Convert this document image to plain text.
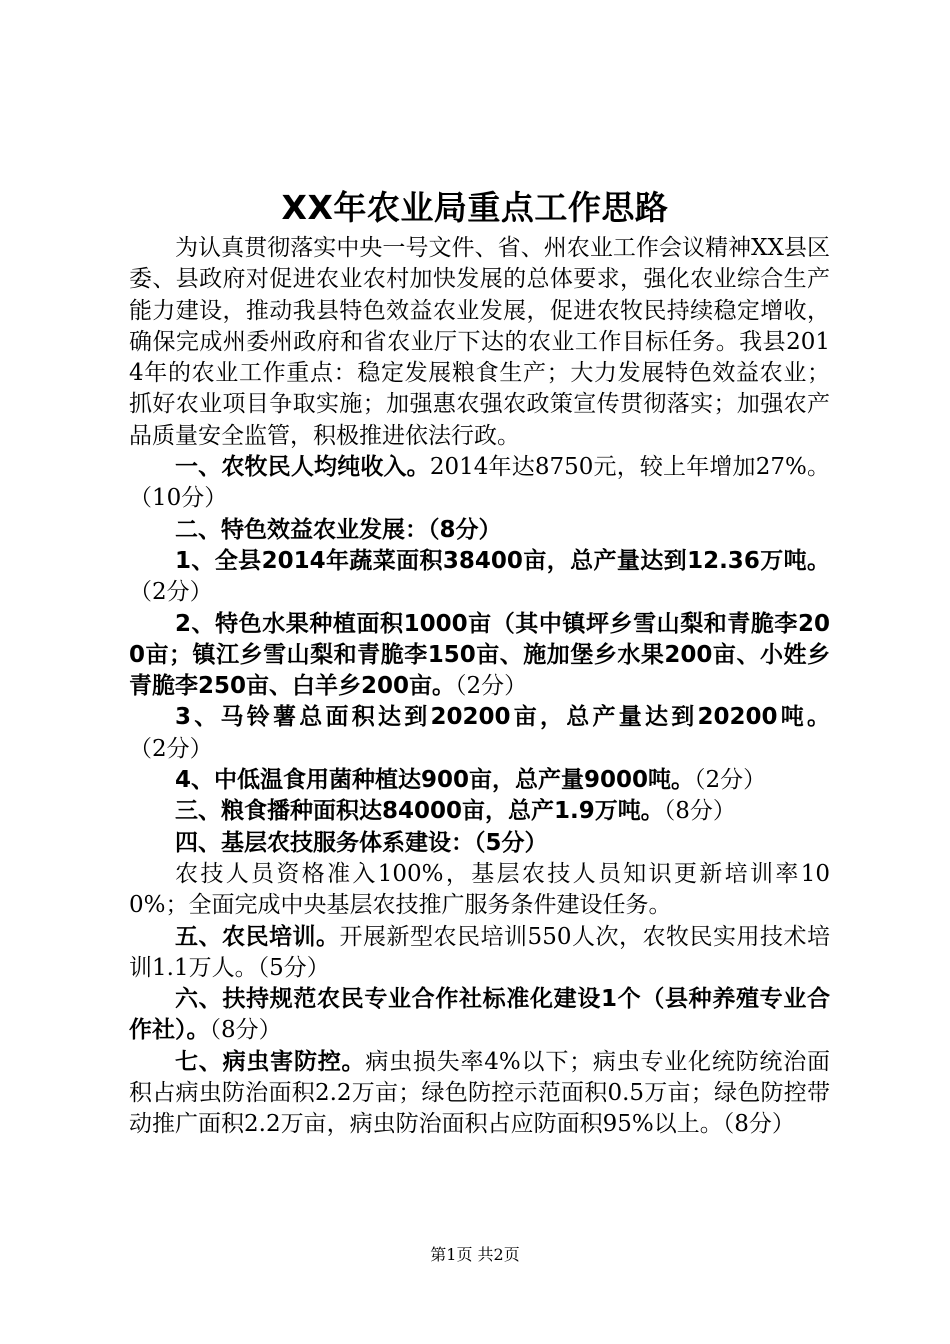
XX年农业局重点工作思路

为认真贯彻落实中央一号文件、省、州农业工作会议精神XX县区委、县政府对促进农业农村加快发展的总体要求，强化农业综合生产能力建设，推动我县特色效益农业发展，促进农牧民持续稳定增收，确保完成州委州政府和省农业厅下达的农业工作目标任务。我县2014年的农业工作重点：稳定发展粮食生产；大力发展特色效益农业；抓好农业项目争取实施；加强惠农强农政策宣传贯彻落实；加强农产品质量安全监管，积极推进依法行政。

一、农牧民人均纯收入。2014年达8750元，较上年增加27%。（10分）

二、特色效益农业发展：（8分）

1、全县2014年蔬菜面积38400亩，总产量达到12.36万吨。（2分）

2、特色水果种植面积1000亩（其中镇坪乡雪山梨和青脆李200亩；镇江乡雪山梨和青脆李150亩、施加堡乡水果200亩、小姓乡青脆李250亩、白羊乡200亩。（2分）

3、马铃薯总面积达到20200亩，总产量达到20200吨。（2分）

4、中低温食用菌种植达900亩，总产量9000吨。（2分）

三、粮食播种面积达84000亩，总产1.9万吨。（8分）

四、基层农技服务体系建设：（5分）

农技人员资格准入100%，基层农技人员知识更新培训率100%；全面完成中央基层农技推广服务条件建设任务。

五、农民培训。开展新型农民培训550人次，农牧民实用技术培训1.1万人。（5分）

六、扶持规范农民专业合作社标准化建设1个（县种养殖专业合作社）。（8分）

七、病虫害防控。病虫损失率4%以下；病虫专业化统防统治面积占病虫防治面积2.2万亩；绿色防控示范面积0.5万亩；绿色防控带动推广面积2.2万亩，病虫防治面积占应防面积95%以上。（8分）

第1页 共2页
